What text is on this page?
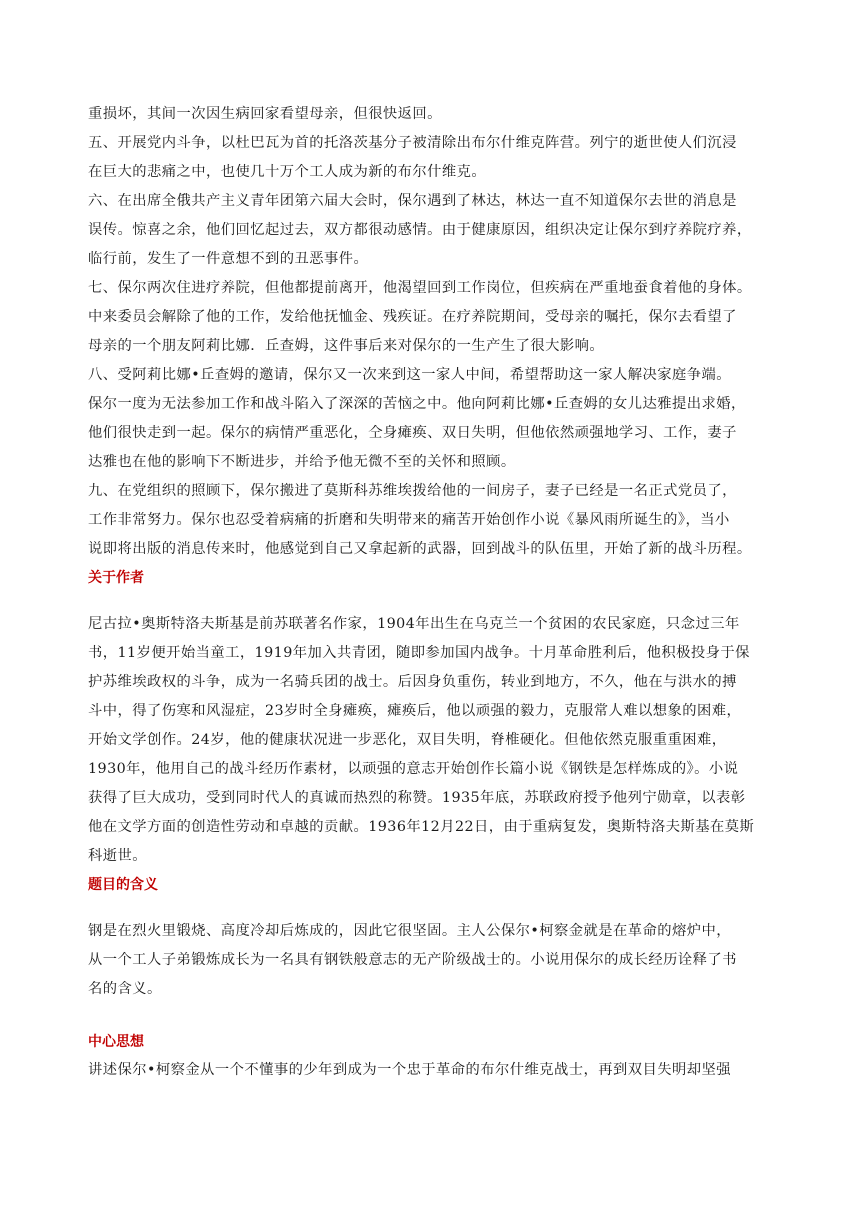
重损坏，其间一次因生病回家看望母亲，但很快返回。

五、开展党内斗争，以杜巴瓦为首的托洛茨基分子被清除出布尔什维克阵营。列宁的逝世使人们沉浸
在巨大的悲痛之中，也使几十万个工人成为新的布尔什维克。

六、在出席全俄共产主义青年团第六届大会时，保尔遇到了林达，林达一直不知道保尔去世的消息是
误传。惊喜之余，他们回忆起过去，双方都很动感情。由于健康原因，组织决定让保尔到疗养院疗养，
临行前，发生了一件意想不到的丑恶事件。

七、保尔两次住进疗养院，但他都提前离开，他渴望回到工作岗位，但疾病在严重地蚕食着他的身体。
中来委员会解除了他的工作，发给他抚恤金、残疾证。在疗养院期间，受母亲的嘱托，保尔去看望了
母亲的一个朋友阿莉比娜．丘查姆，这件事后来对保尔的一生产生了很大影响。

八、受阿莉比娜•丘查姆的邀请，保尔又一次来到这一家人中间，希望帮助这一家人解决家庭争端。
保尔一度为无法参加工作和战斗陷入了深深的苦恼之中。他向阿莉比娜•丘查姆的女儿达雅提出求婚，
他们很快走到一起。保尔的病情严重恶化，仝身瘫痪、双日失明，但他依然顽强地学习、工作，妻子
达雅也在他的影响下不断进步，并给予他无微不至的关怀和照顾。

九、在党组织的照顾下，保尔搬进了莫斯科苏维埃拨给他的一间房子，妻子已经是一名正式党员了，
工作非常努力。保尔也忍受着病痛的折磨和失明带来的痛苦开始创作小说《暴风雨所诞生的》，当小
说即将出版的消息传来时，他感觉到自己又拿起新的武器，回到战斗的队伍里，开始了新的战斗历程。

关于作者

尼古拉•奥斯特洛夫斯基是前苏联著名作家，1904年出生在乌克兰一个贫困的农民家庭，只念过三年
书，11岁便开始当童工，1919年加入共青团，随即参加国内战争。十月革命胜利后，他积极投身于保
护苏维埃政权的斗争，成为一名骑兵团的战士。后因身负重伤，转业到地方，不久，他在与洪水的搏
斗中，得了伤寒和风湿症，23岁时全身瘫痪，瘫痪后，他以顽强的毅力，克服常人难以想象的困难，
开始文学创作。24岁，他的健康状况进一步恶化，双目失明，脊椎硬化。但他依然克服重重困难，
1930年，他用自己的战斗经历作素材，以顽强的意志开始创作长篇小说《钢铁是怎样炼成的》。小说
获得了巨大成功，受到同时代人的真诚而热烈的称赞。1935年底，苏联政府授予他列宁勋章，以表彰
他在文学方面的创造性劳动和卓越的贡献。1936年12月22日，由于重病复发，奥斯特洛夫斯基在莫斯
科逝世。

题目的含义

钢是在烈火里锻烧、高度冷却后炼成的，因此它很坚固。主人公保尔•柯察金就是在革命的熔炉中，
从一个工人子弟锻炼成长为一名具有钢铁般意志的无产阶级战士的。小说用保尔的成长经历诠释了书
名的含义。

中心思想

讲述保尔•柯察金从一个不懂事的少年到成为一个忠于革命的布尔什维克战士，再到双目失明却坚强
